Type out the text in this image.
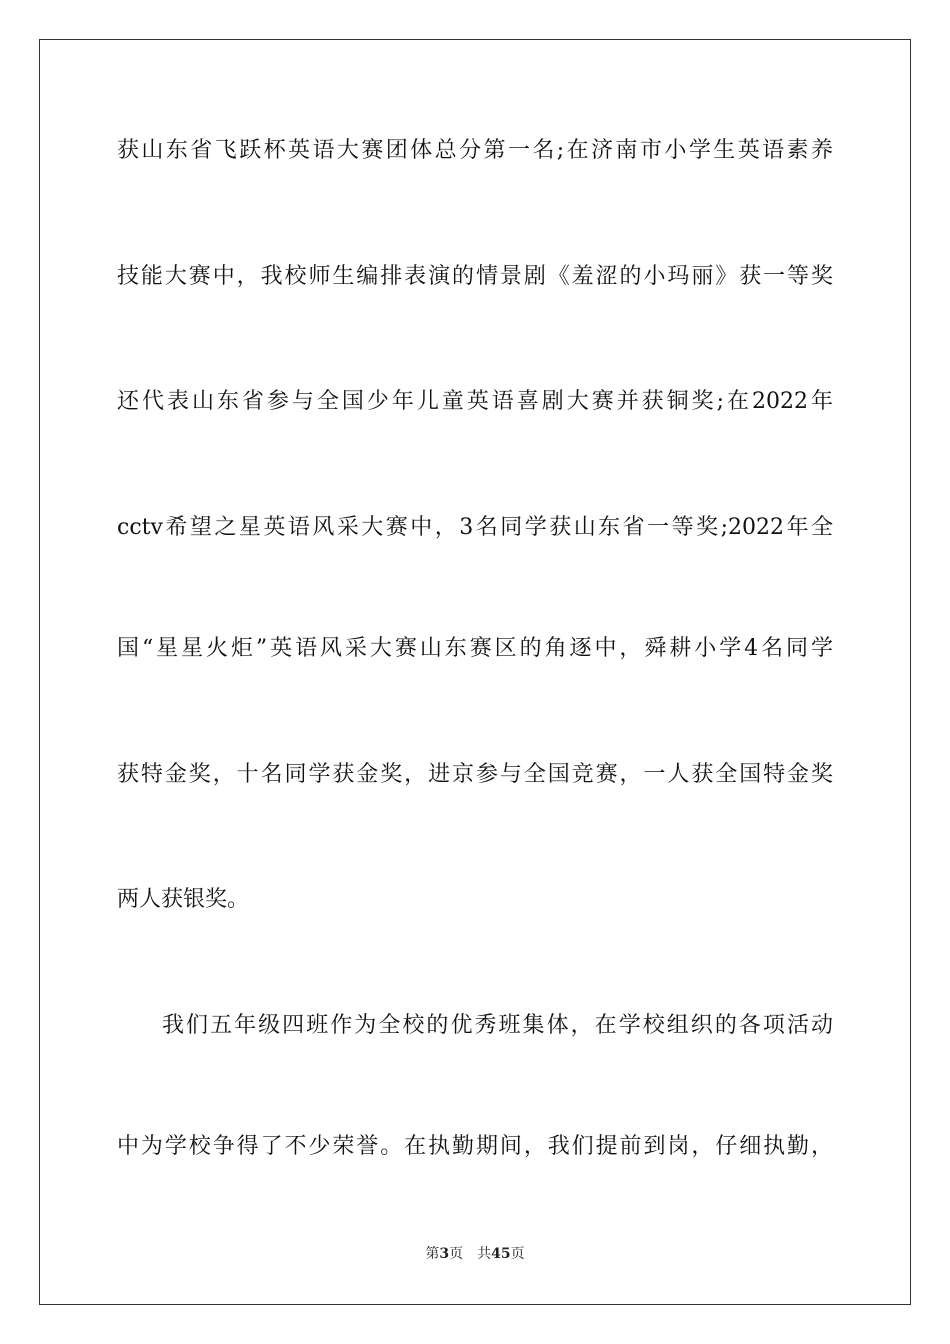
获山东省飞跃杯英语大赛团体总分第一名;在济南市小学生英语素养
技能大赛中，我校师生编排表演的情景剧《羞涩的小玛丽》获一等奖
还代表山东省参与全国少年儿童英语喜剧大赛并获铜奖;在2022年
cctv希望之星英语风采大赛中，3名同学获山东省一等奖;2022年全
国“星星火炬”英语风采大赛山东赛区的角逐中，舜耕小学4名同学
获特金奖，十名同学获金奖，进京参与全国竞赛，一人获全国特金奖
两人获银奖。
我们五年级四班作为全校的优秀班集体，在学校组织的各项活动
中为学校争得了不少荣誉。在执勤期间，我们提前到岗，仔细执勤，
第3页 共45页
